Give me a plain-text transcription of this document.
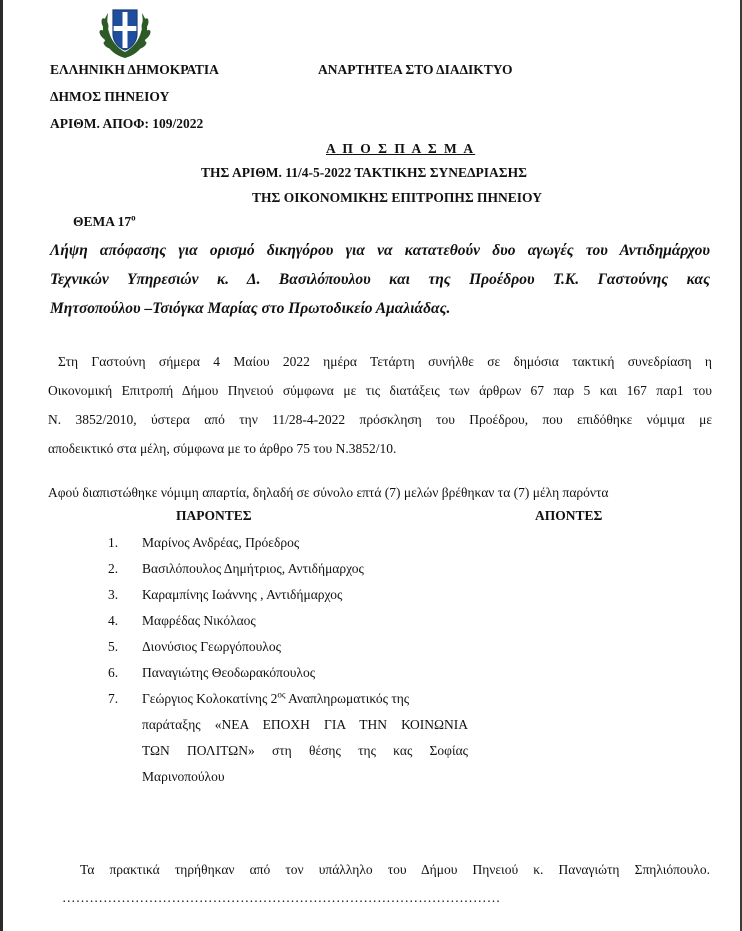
ΕΛΛΗΝΙΚΗ ΔΗΜΟΚΡΑΤΙΑ	ΑΝΑΡΤΗΤΕΑ ΣΤΟ ΔΙΑΔΙΚΤΥΟ
ΔΗΜΟΣ ΠΗΝΕΙΟΥ
ΑΡΙΘΜ. ΑΠΟΦ: 109/2022
Α Π Ο Σ Π Α Σ Μ Α
ΤΗΣ ΑΡΙΘΜ. 11/4-5-2022 ΤΑΚΤΙΚΗΣ ΣΥΝΕΔΡΙΑΣΗΣ
ΤΗΣ ΟΙΚΟΝΟΜΙΚΗΣ ΕΠΙΤΡΟΠΗΣ ΠΗΝΕΙΟΥ
ΘΕΜΑ $17^o$
Λήψη απόφασης για ορισμό δικηγόρου για να κατατεθούν δυο αγωγές του Αντιδημάρχου
Τεχνικών Υπηρεσιών κ. Δ. Βασιλόπουλου και της Προέδρου Τ.Κ. Γαστούνης κας
Μητσοπούλου –Τσιόγκα Μαρίας στο Πρωτοδικείο Αμαλιάδας.
Στη Γαστούνη σήμερα 4 Μαίου 2022 ημέρα Τετάρτη συνήλθε σε δημόσια τακτική συνεδρίαση η
Οικονομική Επιτροπή Δήμου Πηνειού σύμφωνα με τις διατάξεις των άρθρων 67 παρ 5 και 167 παρ1 του
Ν. 3852/2010, ύστερα από την 11/28-4-2022 πρόσκληση του Προέδρου, που επιδόθηκε νόμιμα με
αποδεικτικό στα μέλη, σύμφωνα με το άρθρο 75 του Ν.3852/10.
Αφού διαπιστώθηκε νόμιμη απαρτία, δηλαδή σε σύνολο επτά (7) μελών βρέθηκαν τα (7) μέλη παρόντα
ΠΑΡΟΝΤΕΣ	ΑΠΟΝΤΕΣ
1.	Μαρίνος Ανδρέας, Πρόεδρος
2.	Βασιλόπουλος Δημήτριος, Αντιδήμαρχος
3.	Καραμπίνης Ιωάννης , Αντιδήμαρχος
4.	Μαφρέδας Νικόλαος
5.	Διονύσιος Γεωργόπουλος
6.	Παναγιώτης Θεοδωρακόπουλος
7.	Γεώργιος Κολοκατίνης $2^{o\varsigma}$ Αναπληρωματικός της
παράταξης «ΝΕΑ ΕΠΟΧΗ ΓΙΑ ΤΗΝ ΚΟΙΝΩΝΙΑ
ΤΩΝ ΠΟΛΙΤΩΝ» στη θέσης της κας Σοφίας
Μαρινοπούλου
Τα πρακτικά τηρήθηκαν από τον υπάλληλο του Δήμου Πηνειού κ. Παναγιώτη Σπηλιόπουλο.
……………………………………………………………………………………
